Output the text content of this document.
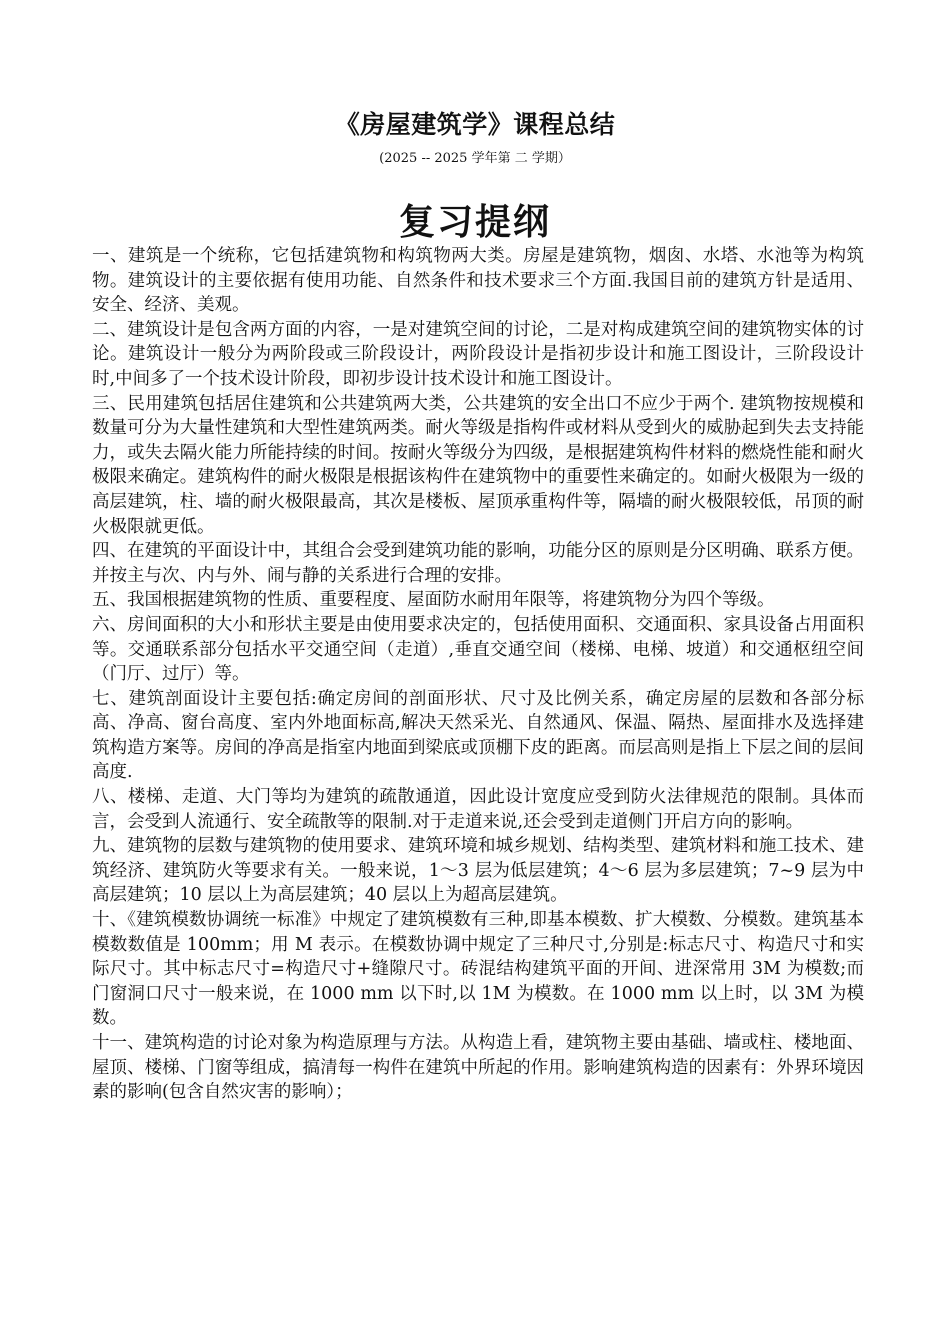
《房屋建筑学》课程总结
(2025 -- 2025 学年第 二 学期）
复习提纲

一、建筑是一个统称，它包括建筑物和构筑物两大类。房屋是建筑物，烟囱、水塔、水池等为构筑物。建筑设计的主要依据有使用功能、自然条件和技术要求三个方面.我国目前的建筑方针是适用、安全、经济、美观。

二、建筑设计是包含两方面的内容，一是对建筑空间的讨论，二是对构成建筑空间的建筑物实体的讨论。建筑设计一般分为两阶段或三阶段设计，两阶段设计是指初步设计和施工图设计，三阶段设计时,中间多了一个技术设计阶段，即初步设计技术设计和施工图设计。

三、民用建筑包括居住建筑和公共建筑两大类，公共建筑的安全出口不应少于两个. 建筑物按规模和数量可分为大量性建筑和大型性建筑两类。耐火等级是指构件或材料从受到火的威胁起到失去支持能力，或失去隔火能力所能持续的时间。按耐火等级分为四级，是根据建筑构件材料的燃烧性能和耐火极限来确定。建筑构件的耐火极限是根据该构件在建筑物中的重要性来确定的。如耐火极限为一级的高层建筑，柱、墙的耐火极限最高，其次是楼板、屋顶承重构件等，隔墙的耐火极限较低，吊顶的耐火极限就更低。

四、在建筑的平面设计中，其组合会受到建筑功能的影响，功能分区的原则是分区明确、联系方便。并按主与次、内与外、闹与静的关系进行合理的安排。

五、我国根据建筑物的性质、重要程度、屋面防水耐用年限等，将建筑物分为四个等级。

六、房间面积的大小和形状主要是由使用要求决定的，包括使用面积、交通面积、家具设备占用面积等。交通联系部分包括水平交通空间（走道）,垂直交通空间（楼梯、电梯、坡道）和交通枢纽空间（门厅、过厅）等。

七、建筑剖面设计主要包括:确定房间的剖面形状、尺寸及比例关系，确定房屋的层数和各部分标高、净高、窗台高度、室内外地面标高,解决天然采光、自然通风、保温、隔热、屋面排水及选择建筑构造方案等。房间的净高是指室内地面到梁底或顶棚下皮的距离。而层高则是指上下层之间的层间高度.

八、楼梯、走道、大门等均为建筑的疏散通道，因此设计宽度应受到防火法律规范的限制。具体而言，会受到人流通行、安全疏散等的限制.对于走道来说,还会受到走道侧门开启方向的影响。

九、建筑物的层数与建筑物的使用要求、建筑环境和城乡规划、结构类型、建筑材料和施工技术、建筑经济、建筑防火等要求有关。一般来说，1～3 层为低层建筑；4～6 层为多层建筑；7~9 层为中高层建筑；10 层以上为高层建筑；40 层以上为超高层建筑。

十、《建筑模数协调统一标准》中规定了建筑模数有三种,即基本模数、扩大模数、分模数。建筑基本模数数值是 100mm；用 M 表示。在模数协调中规定了三种尺寸,分别是:标志尺寸、构造尺寸和实际尺寸。其中标志尺寸=构造尺寸+缝隙尺寸。砖混结构建筑平面的开间、进深常用 3M 为模数;而门窗洞口尺寸一般来说，在 1000 mm 以下时,以 1M 为模数。在 1000 mm 以上时，以 3M 为模数。

十一、建筑构造的讨论对象为构造原理与方法。从构造上看，建筑物主要由基础、墙或柱、楼地面、屋顶、楼梯、门窗等组成，搞清每一构件在建筑中所起的作用。影响建筑构造的因素有：外界环境因素的影响(包含自然灾害的影响）；
